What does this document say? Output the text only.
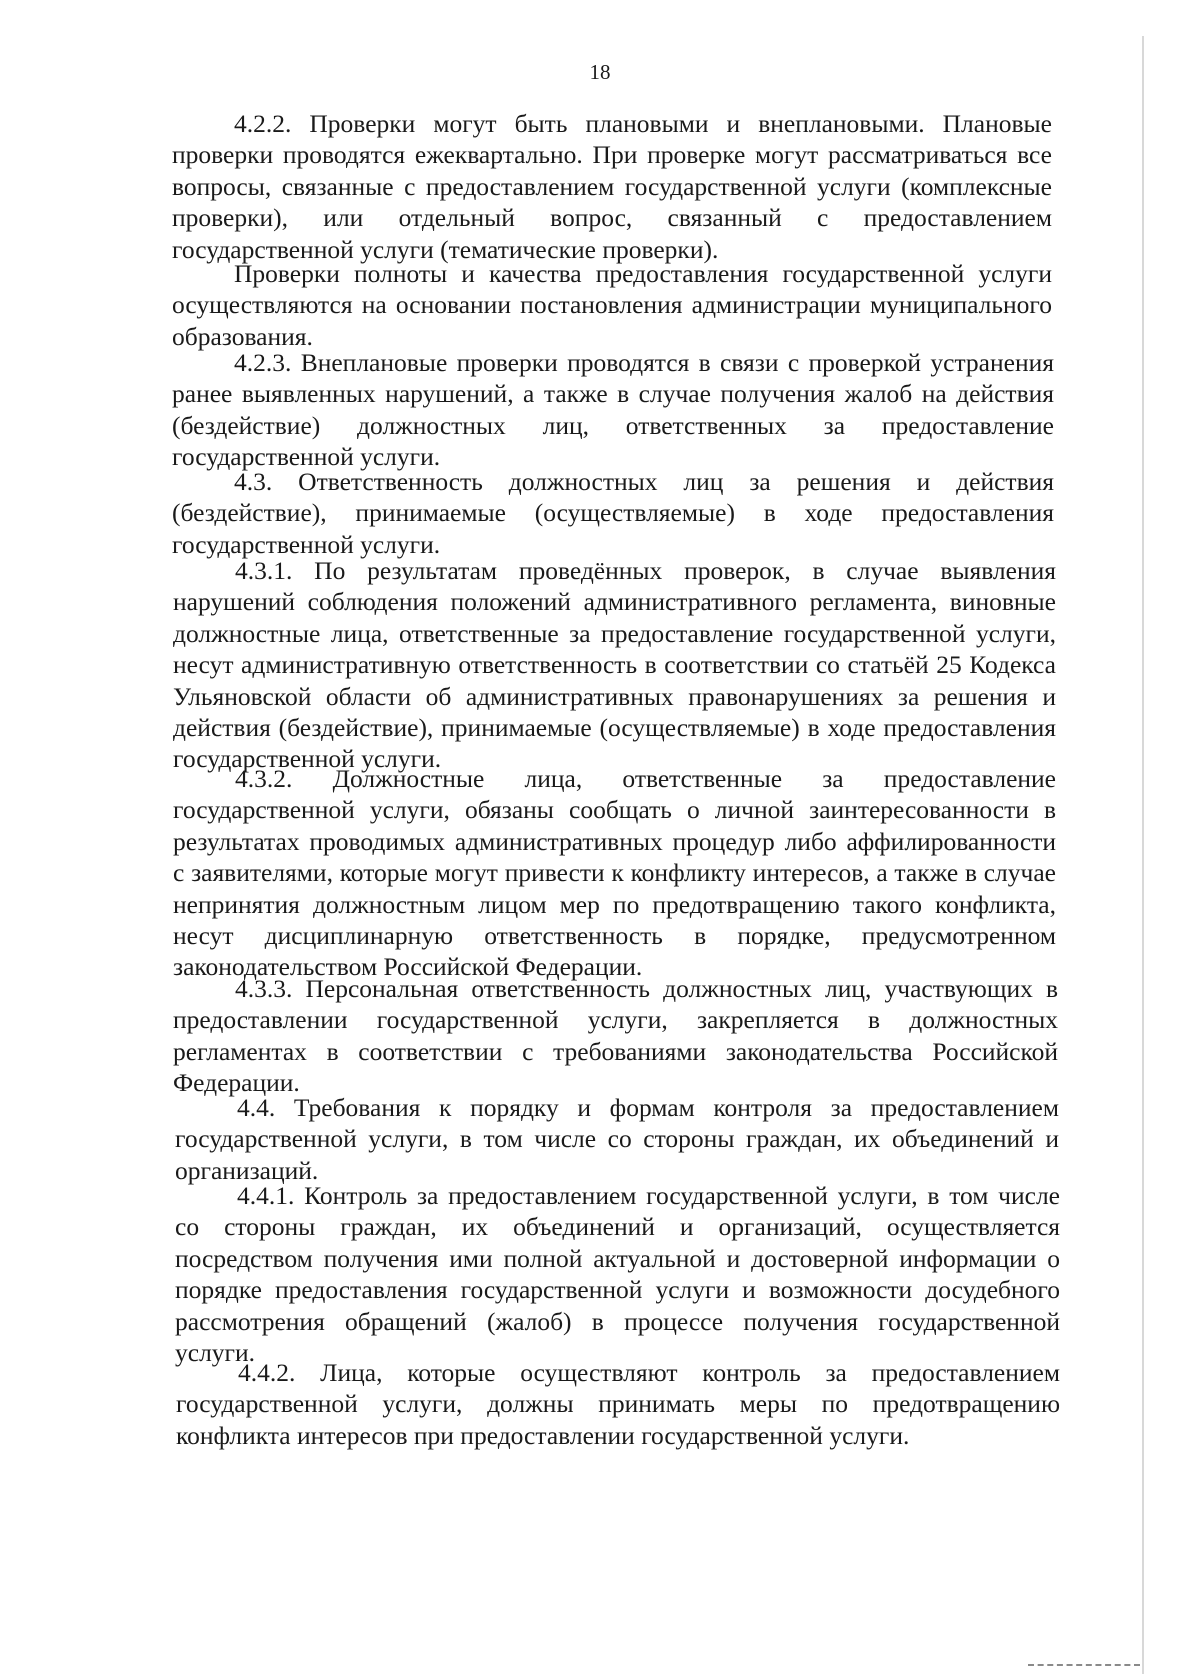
18

4.2.2. Проверки могут быть плановыми и внеплановыми. Плановые проверки проводятся ежеквартально. При проверке могут рассматриваться все вопросы, связанные с предоставлением государственной услуги (комплексные проверки), или отдельный вопрос, связанный с предоставлением государственной услуги (тематические проверки).

Проверки полноты и качества предоставления государственной услуги осуществляются на основании постановления администрации муниципального образования.

4.2.3. Внеплановые проверки проводятся в связи с проверкой устранения ранее выявленных нарушений, а также в случае получения жалоб на действия (бездействие) должностных лиц, ответственных за предоставление государственной услуги.

4.3. Ответственность должностных лиц за решения и действия (бездействие), принимаемые (осуществляемые) в ходе предоставления государственной услуги.

4.3.1. По результатам проведённых проверок, в случае выявления нарушений соблюдения положений административного регламента, виновные должностные лица, ответственные за предоставление государственной услуги, несут административную ответственность в соответствии со статьёй 25 Кодекса Ульяновской области об административных правонарушениях за решения и действия (бездействие), принимаемые (осуществляемые) в ходе предоставления государственной услуги.

4.3.2. Должностные лица, ответственные за предоставление государственной услуги, обязаны сообщать о личной заинтересованности в результатах проводимых административных процедур либо аффилированности с заявителями, которые могут привести к конфликту интересов, а также в случае непринятия должностным лицом мер по предотвращению такого конфликта, несут дисциплинарную ответственность в порядке, предусмотренном законодательством Российской Федерации.

4.3.3. Персональная ответственность должностных лиц, участвующих в предоставлении государственной услуги, закрепляется в должностных регламентах в соответствии с требованиями законодательства Российской Федерации.

4.4. Требования к порядку и формам контроля за предоставлением государственной услуги, в том числе со стороны граждан, их объединений и организаций.

4.4.1. Контроль за предоставлением государственной услуги, в том числе со стороны граждан, их объединений и организаций, осуществляется посредством получения ими полной актуальной и достоверной информации о порядке предоставления государственной услуги и возможности досудебного рассмотрения обращений (жалоб) в процессе получения государственной услуги.

4.4.2. Лица, которые осуществляют контроль за предоставлением государственной услуги, должны принимать меры по предотвращению конфликта интересов при предоставлении государственной услуги.
